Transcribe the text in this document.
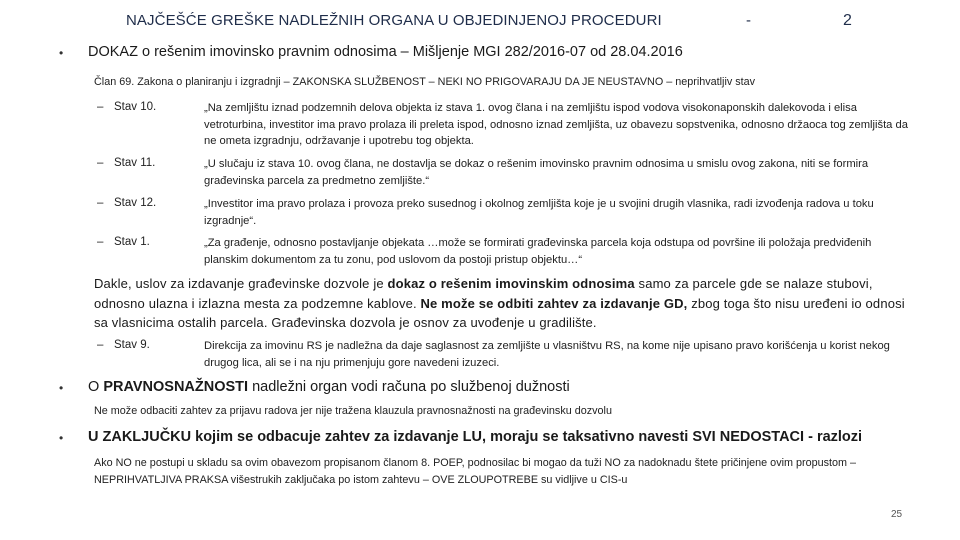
NAJČEŠĆE GREŠKE NADLEŽNIH ORGANA U OBJEDINJENOJ PROCEDURI	-	2
• DOKAZ o rešenim imovinsko pravnim odnosima – Mišljenje MGI 282/2016-07 od 28.04.2016
Član 69. Zakona o planiranju i izgradnji – ZAKONSKA SLUŽBENOST – NEKI NO PRIGOVARAJU DA JE NEUSTAVNO – neprihvatljiv stav
– Stav 10.	„Na zemljištu iznad podzemnih delova objekta iz stava 1. ovog člana i na zemljištu ispod vodova visokonaponskih dalekovoda i elisa vetroturbina, investitor ima pravo prolaza ili preleta ispod, odnosno iznad zemljišta, uz obavezu sopstvenika, odnosno držaoca tog zemljišta da ne ometa izgradnju, održavanje i upotrebu tog objekta.
– Stav 11.	„U slučaju iz stava 10. ovog člana, ne dostavlja se dokaz o rešenim imovinsko pravnim odnosima u smislu ovog zakona, niti se formira građevinska parcela za predmetno zemljište.“
– Stav 12.	„Investitor ima pravo prolaza i provoza preko susednog i okolnog zemljišta koje je u svojini drugih vlasnika, radi izvođenja radova u toku izgradnje“.
– Stav 1.	„Za građenje, odnosno postavljanje objekata …može se formirati građevinska parcela koja odstupa od površine ili položaja predviđenih planskim dokumentom za tu zonu, pod uslovom da postoji pristup objektu…“
Dakle, uslov za izdavanje građevinske dozvole je dokaz o rešenim imovinskim odnosima samo za parcele gde se nalaze stubovi, odnosno ulazna i izlazna mesta za podzemne kablove. Ne može se odbiti zahtev za izdavanje GD, zbog toga što nisu uređeni io odnosi sa vlasnicima ostalih parcela. Građevinska dozvola je osnov za uvođenje u gradilište.
– Stav 9.	Direkcija za imovinu RS je nadležna da daje saglasnost za zemljište u vlasništvu RS, na kome nije upisano pravo korišćenja u korist nekog drugog lica, ali se i na nju primenjuju gore navedeni izuzeci.
• O PRAVNOSNAŽNOSTI nadležni organ vodi računa po službenoj dužnosti
Ne može odbaciti zahtev za prijavu radova jer nije tražena klauzula pravnosnažnosti na građevinsku dozvolu
• U ZAKLJUČKU kojim se odbacuje zahtev za izdavanje LU, moraju se taksativno navesti SVI NEDOSTACI - razlozi
Ako NO ne postupi u skladu sa ovim obavezom propisanom članom 8. POEP, podnosilac bi mogao da tuži NO za nadoknadu štete pričinjene ovim propustom – NEPRIHVATLJIVA PRAKSA višestrukih zaključaka po istom zahtevu – OVE ZLOUPOTREBE su vidljive u CIS-u
25
